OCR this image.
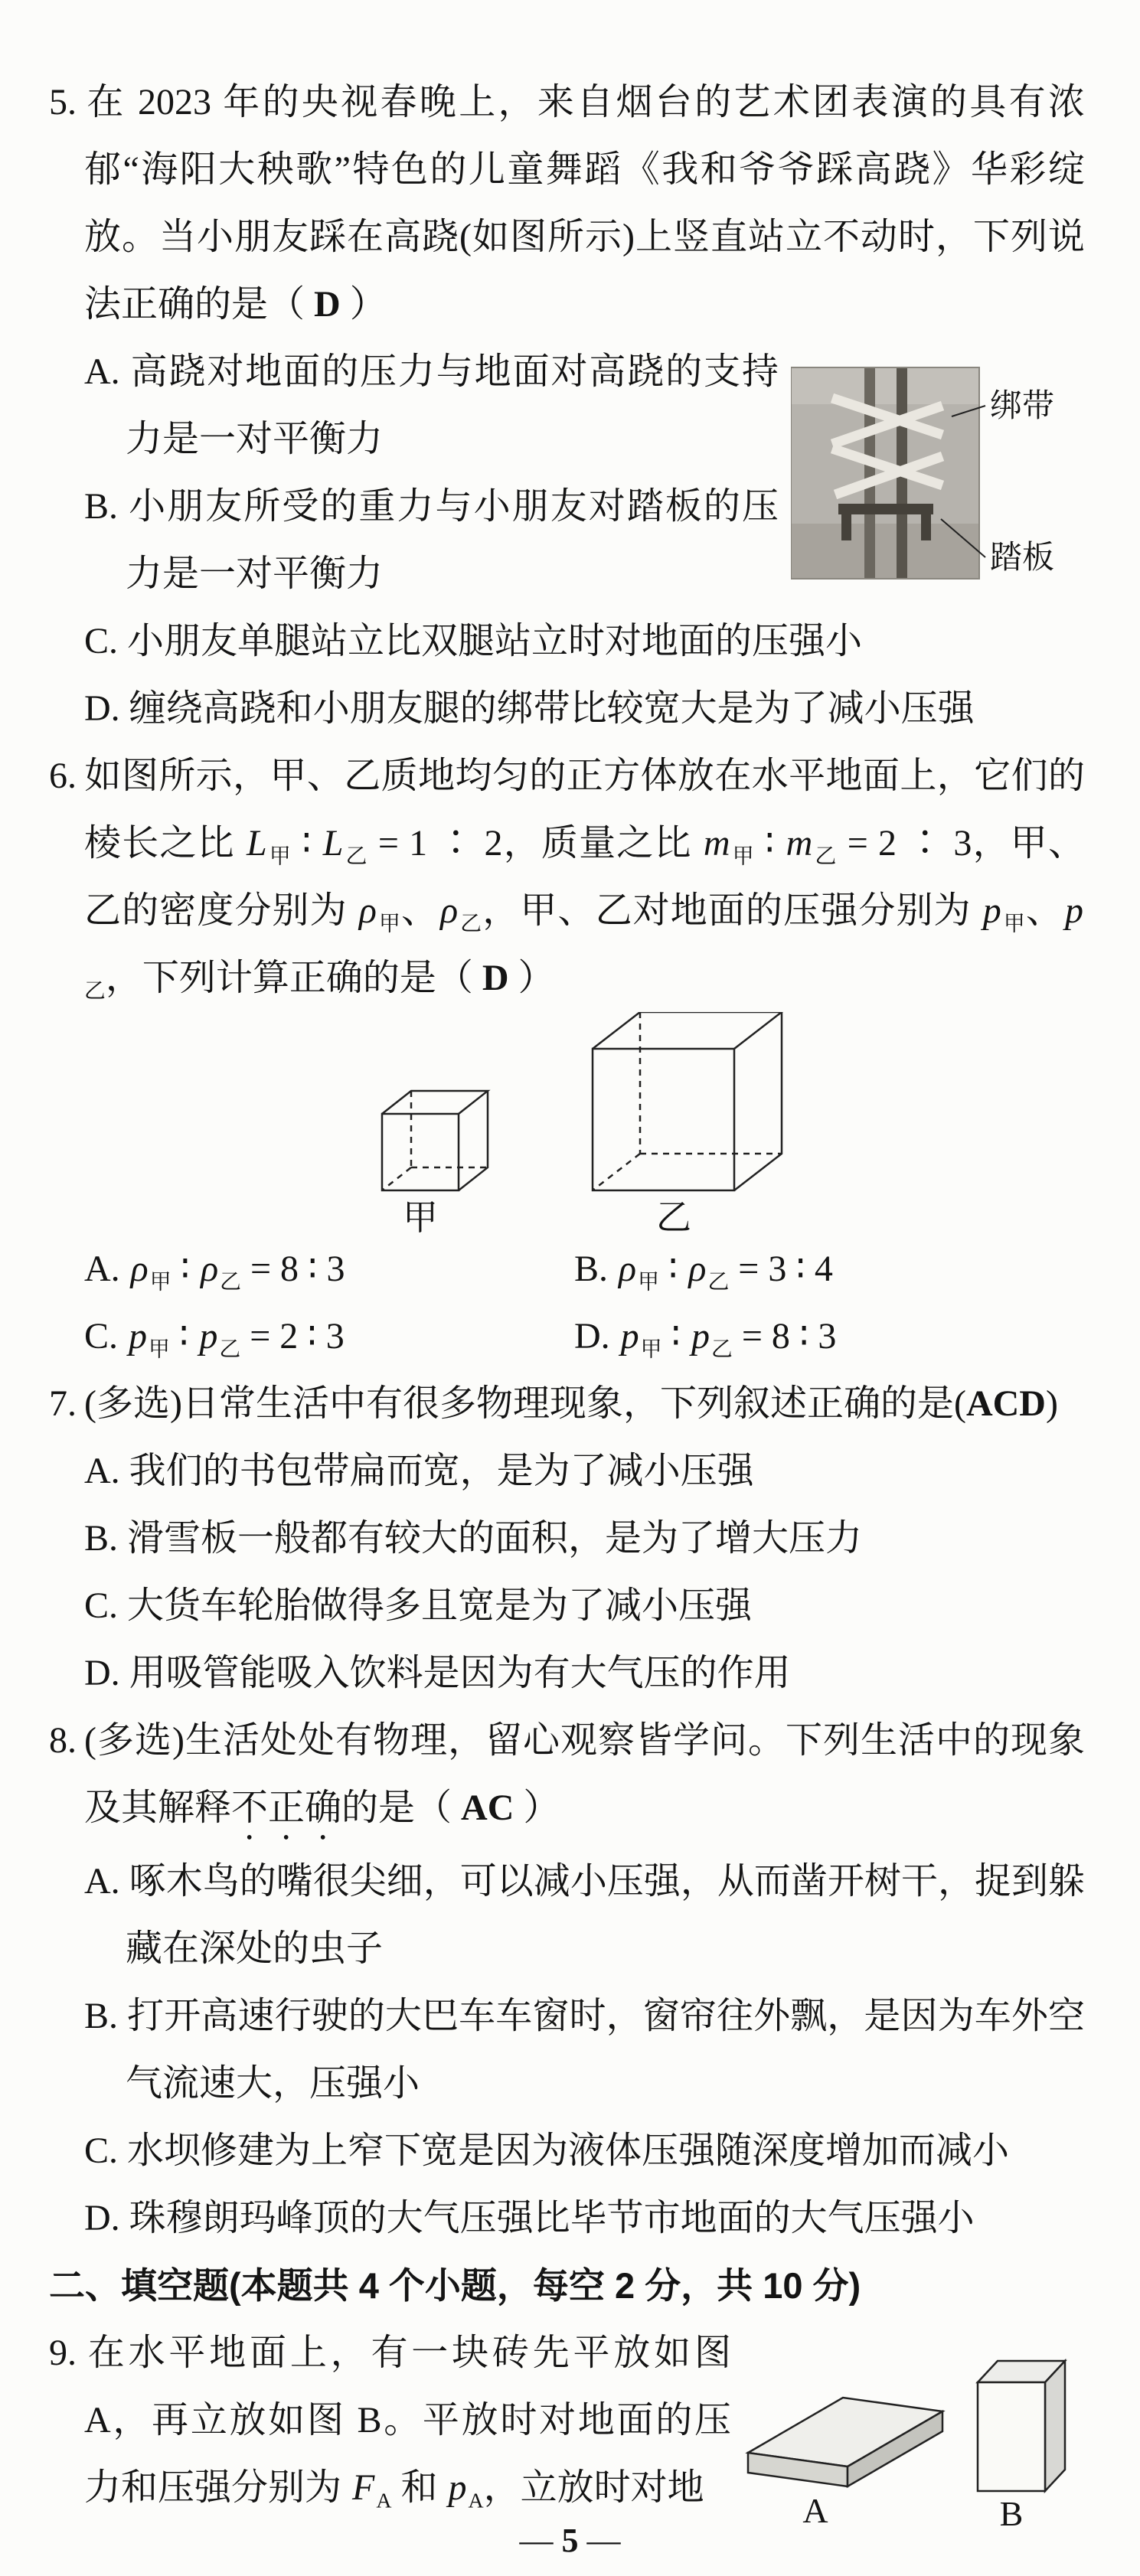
5. 在 2023 年的央视春晚上，来自烟台的艺术团表演的具有浓郁“海阳大秧歌”特色的儿童舞蹈《我和爷爷踩高跷》华彩绽放。当小朋友踩在高跷(如图所示)上竖直站立不动时，下列说法正确的是（ D ）

绑带
踏板

A. 高跷对地面的压力与地面对高跷的支持力是一对平衡力

B. 小朋友所受的重力与小朋友对踏板的压力是一对平衡力

C. 小朋友单腿站立比双腿站立时对地面的压强小

D. 缠绕高跷和小朋友腿的绑带比较宽大是为了减小压强

6. 如图所示，甲、乙质地均匀的正方体放在水平地面上，它们的棱长之比 $L_甲$ ∶ $L_乙 = 1$ ∶ 2，质量之比 $m_甲$ ∶ $m_乙 = 2$ ∶ 3，甲、乙的密度分别为 $\rho_甲$、$\rho_乙$，甲、乙对地面的压强分别为 $p_甲$、$p_乙$，下列计算正确的是（ D ）

甲	乙

A. $\rho_甲$ ∶ $\rho_乙 = 8$ ∶ 3	B. $\rho_甲$ ∶ $\rho_乙 = 3$ ∶ 4

C. $p_甲$ ∶ $p_乙 = 2$ ∶ 3	D. $p_甲$ ∶ $p_乙 = 8$ ∶ 3

7. (多选)日常生活中有很多物理现象，下列叙述正确的是(ACD)

A. 我们的书包带扁而宽，是为了减小压强

B. 滑雪板一般都有较大的面积，是为了增大压力

C. 大货车轮胎做得多且宽是为了减小压强

D. 用吸管能吸入饮料是因为有大气压的作用

8. (多选)生活处处有物理，留心观察皆学问。下列生活中的现象及其解释不正确的是（ AC ）

A. 啄木鸟的嘴很尖细，可以减小压强，从而凿开树干，捉到躲藏在深处的虫子

B. 打开高速行驶的大巴车车窗时，窗帘往外飘，是因为车外空气流速大，压强小

C. 水坝修建为上窄下宽是因为液体压强随深度增加而减小

D. 珠穆朗玛峰顶的大气压强比毕节市地面的大气压强小

二、填空题(本题共 4 个小题，每空 2 分，共 10 分)
A	B

9. 在水平地面上，有一块砖先平放如图 A，再立放如图 B。平放时对地面的压力和压强分别为 $F_A$ 和 $p_A$，立放时对地

— 5 —
